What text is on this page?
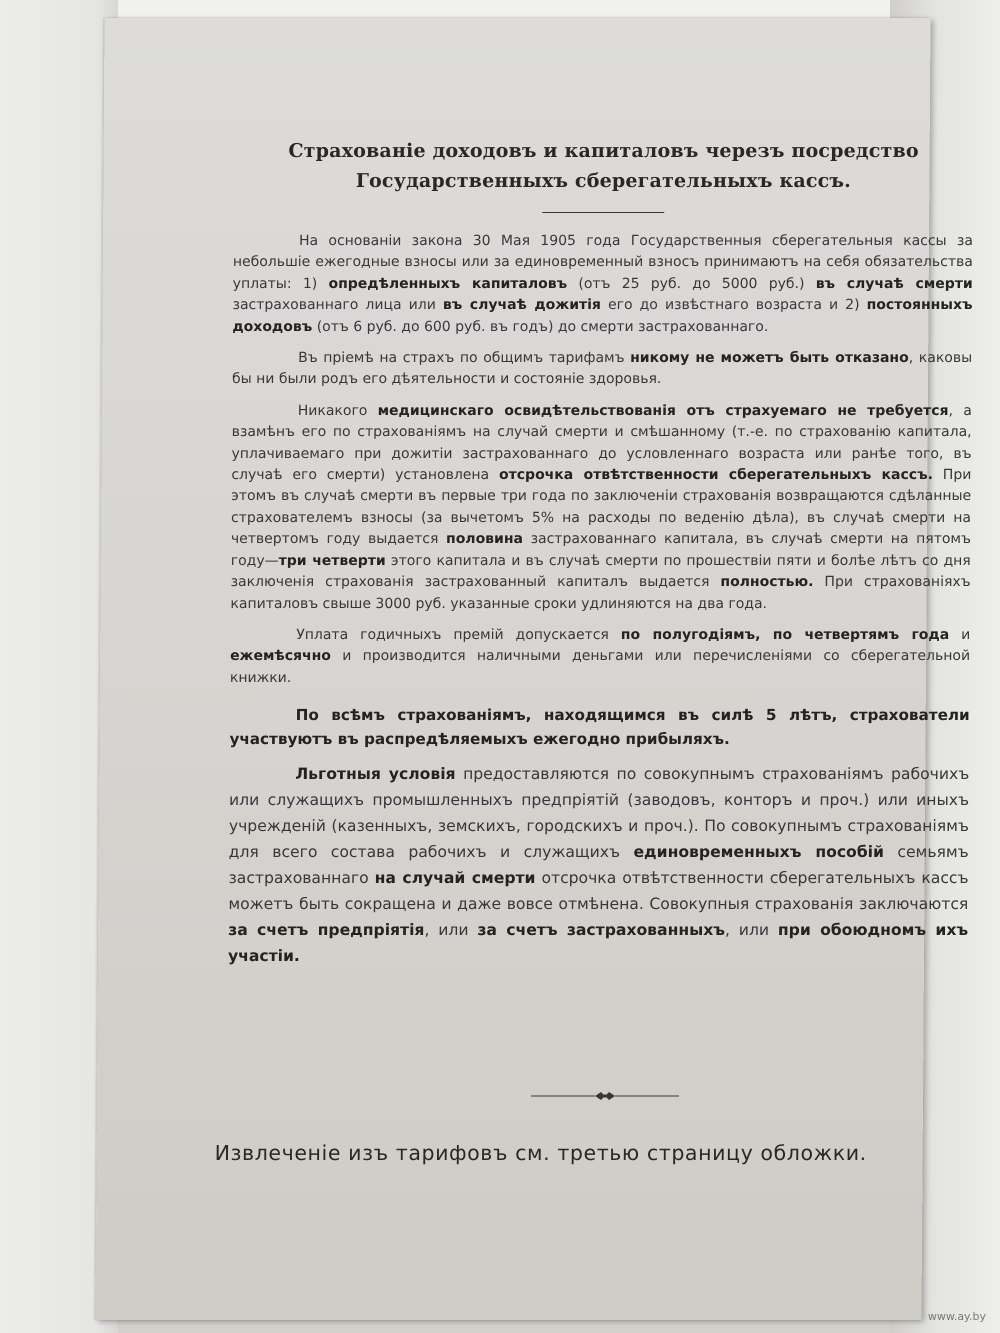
Страхованіе доходовъ и капиталовъ черезъ посредство
Государственныхъ сберегательныхъ кассъ.

На основаніи закона 30 Мая 1905 года Государственныя сберегательныя кассы за небольшіе ежегодные взносы или за единовременный взносъ принимаютъ на себя обязательства уплаты: 1) опредѣленныхъ капиталовъ (отъ 25 руб. до 5000 руб.) въ случаѣ смерти застрахованнаго лица или въ случаѣ дожитія его до извѣстнаго возраста и 2) постоянныхъ доходовъ (отъ 6 руб. до 600 руб. въ годъ) до смерти застрахованнаго.

Въ пріемѣ на страхъ по общимъ тарифамъ никому не можетъ быть отказано, каковы бы ни были родъ его дѣятельности и состояніе здоровья.

Никакого медицинскаго освидѣтельствованія отъ страхуемаго не требуется, а взамѣнъ его по страхованіямъ на случай смерти и смѣшанному (т.-е. по страхованію капитала, уплачиваемаго при дожитіи застрахованнаго до условленнаго возраста или ранѣе того, въ случаѣ его смерти) установлена отсрочка отвѣтственности сберегательныхъ кассъ. При этомъ въ случаѣ смерти въ первые три года по заключеніи страхованія возвращаются сдѣланные страхователемъ взносы (за вычетомъ 5% на расходы по веденію дѣла), въ случаѣ смерти на четвертомъ году выдается половина застрахованнаго капитала, въ случаѣ смерти на пятомъ году—три четверти этого капитала и въ случаѣ смерти по прошествіи пяти и болѣе лѣтъ со дня заключенія страхованія застрахованный капиталъ выдается полностью. При страхованіяхъ капиталовъ свыше 3000 руб. указанные сроки удлиняются на два года.

Уплата годичныхъ премій допускается по полугодіямъ, по четвертямъ года и ежемѣсячно и производится наличными деньгами или перечисленіями со сберегательной книжки.

По всѣмъ страхованіямъ, находящимся въ силѣ 5 лѣтъ, страхователи участвуютъ въ распредѣляемыхъ ежегодно прибыляхъ.

Льготныя условія предоставляются по совокупнымъ страхованіямъ рабочихъ или служащихъ промышленныхъ предпріятій (заводовъ, конторъ и проч.) или иныхъ учрежденій (казенныхъ, земскихъ, городскихъ и проч.). По совокупнымъ страхованіямъ для всего состава рабочихъ и служащихъ единовременныхъ пособій семьямъ застрахованнаго на случай смерти отсрочка отвѣтственности сберегательныхъ кассъ можетъ быть сокращена и даже вовсе отмѣнена. Совокупныя страхованія заключаются за счетъ предпріятія, или за счетъ застрахованныхъ, или при обоюдномъ ихъ участіи.

Извлеченіе изъ тарифовъ см. третью страницу обложки.
www.ay.by
